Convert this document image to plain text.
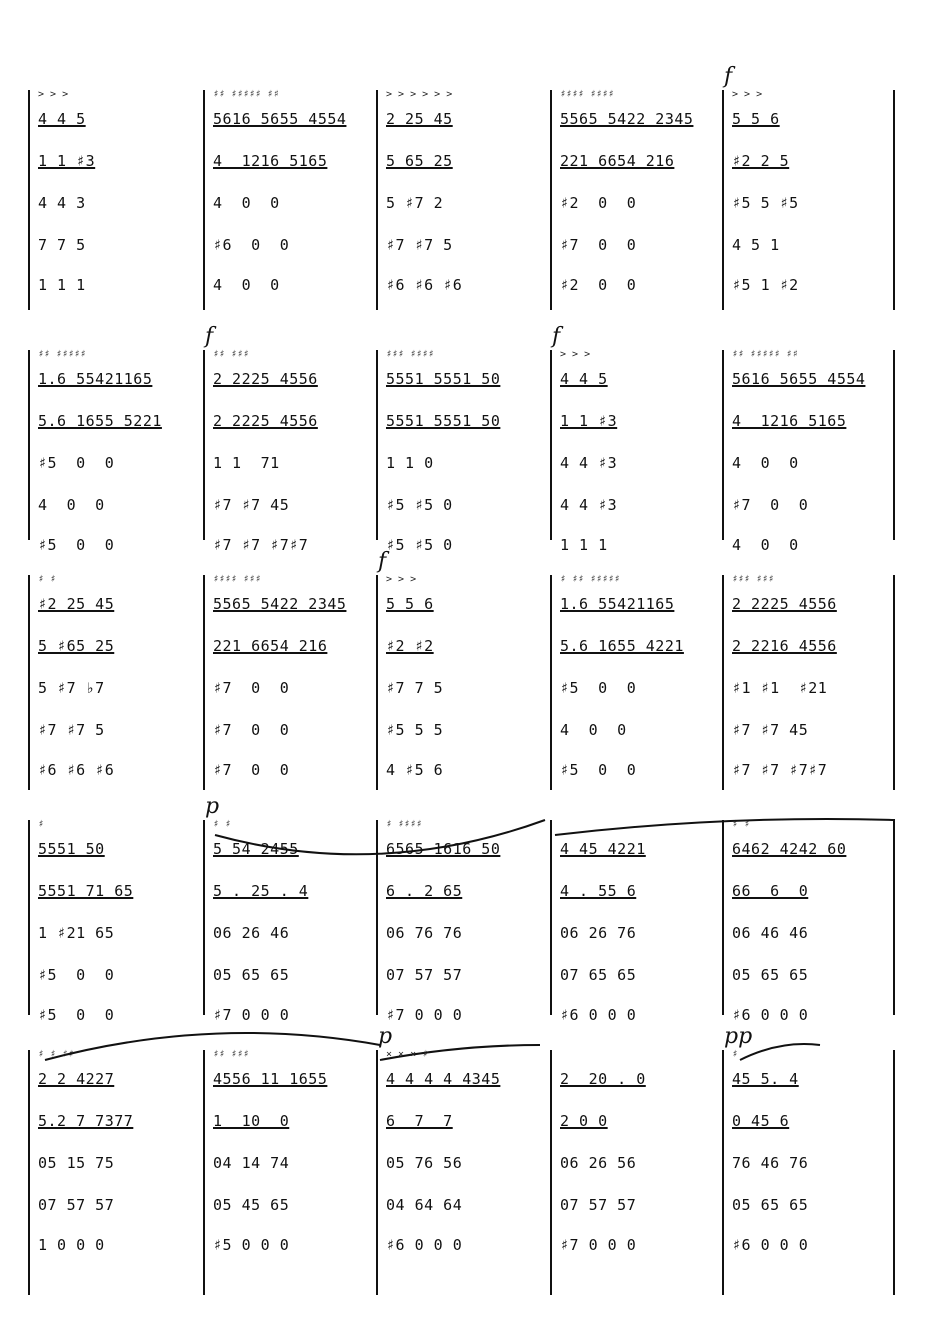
> > >
4 4 5
1 1 ♯3
4 4 3
7 7 5
1 1 1
♯♯ ♯♯♯♯♯ ♯♯
5616 5655 4554
4  1216 5165
4  0  0
♯6  0  0
4  0  0
> > > > > >
2 25 45
5 65 25
5 ♯7 2
♯7 ♯7 5
♯6 ♯6 ♯6
♯♯♯♯ ♯♯♯♯
5565 5422 2345
221 6654 216
♯2  0  0
♯7  0  0
♯2  0  0
f
> > >
5 5 6
♯2 2 5
♯5 5 ♯5
4 5 1
♯5 1 ♯2
♯♯ ♯♯♯♯♯
1.6 55421165
5.6 1655 5221
♯5  0  0
4  0  0
♯5  0  0
f
♯♯ ♯♯♯
2 2225 4556
2 2225 4556
1 1  71
♯7 ♯7 45
♯7 ♯7 ♯7♯7
♯♯♯ ♯♯♯♯
5551 5551 50
5551 5551 50
1 1 0
♯5 ♯5 0
♯5 ♯5 0
f
> > >
4 4 5
1 1 ♯3
4 4 ♯3
4 4 ♯3
1 1 1
♯♯ ♯♯♯♯♯ ♯♯
5616 5655 4554
4  1216 5165
4  0  0
♯7  0  0
4  0  0
♯ ♯
♯2 25 45
5 ♯65 25
5 ♯7 ♭7
♯7 ♯7 5
♯6 ♯6 ♯6
♯♯♯♯ ♯♯♯
5565 5422 2345
221 6654 216
♯7  0  0
♯7  0  0
♯7  0  0
f
> > >
5 5 6
♯2 ♯2
♯7 7 5
♯5 5 5
4 ♯5 6
♯ ♯♯ ♯♯♯♯♯
1.6 55421165
5.6 1655 4221
♯5  0  0
4  0  0
♯5  0  0
♯♯♯ ♯♯♯
2 2225 4556
2 2216 4556
♯1 ♯1  ♯21
♯7 ♯7 45
♯7 ♯7 ♯7♯7
♯
5551 50
5551 71 65
1 ♯21 65
♯5  0  0
♯5  0  0
p
♯ ♯
5 54 2455
5 . 25 . 4
06 26 46
05 65 65
♯7 0 0 0
♯ ♯♯♯♯
6565 1616 50
6 . 2 65
06 76 76
07 57 57
♯7 0 0 0
4 45 4221
4 . 55 6
06 26 76
07 65 65
♯6 0 0 0
♯ ♯
6462 4242 60
66  6  0
06 46 46
05 65 65
♯6 0 0 0
♯ ♯ ♯♯
2 2 4227
5.2 7 7377
05 15 75
07 57 57
1 0 0 0
♯♯ ♯♯♯
4556 11 1655
1  10  0
04 14 74
05 45 65
♯5 0 0 0
p
× × × ♯
4 4 4 4 4345
6  7  7
05 76 56
04 64 64
♯6 0 0 0
2  20 . 0
2 0 0
06 26 56
07 57 57
♯7 0 0 0
pp
♯
45 5. 4
0 45 6
76 46 76
05 65 65
♯6 0 0 0
